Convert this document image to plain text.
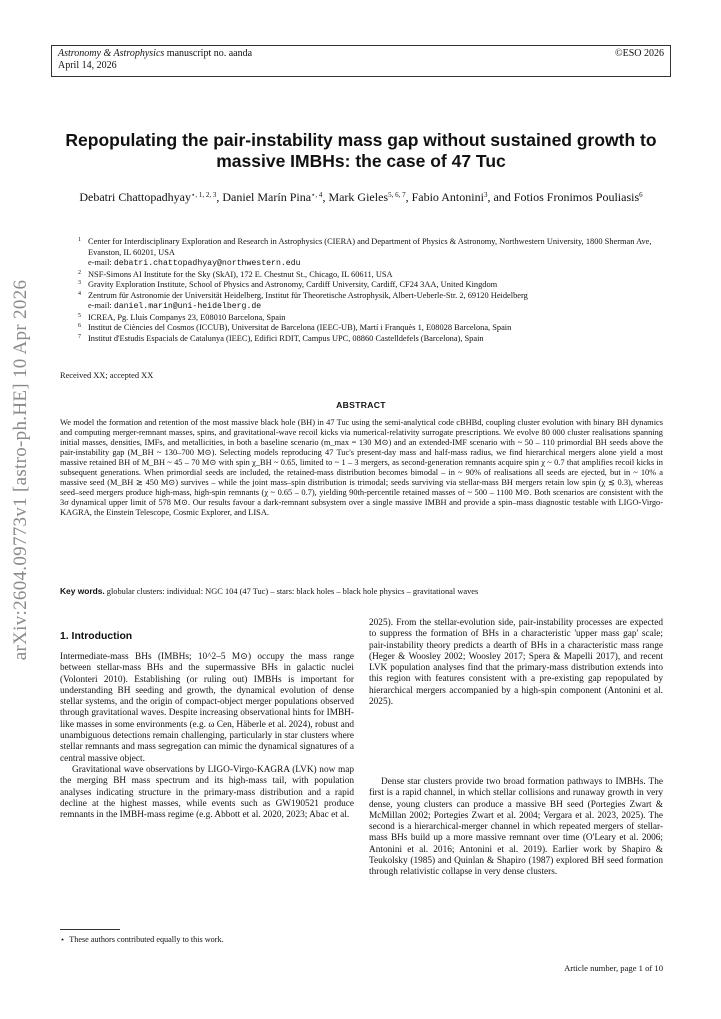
arXiv:2604.09773v1 [astro-ph.HE] 10 Apr 2026
Astronomy & Astrophysics manuscript no. aanda
April 14, 2026
©ESO 2026
Repopulating the pair-instability mass gap without sustained growth to massive IMBHs: the case of 47 Tuc
Debatri Chattopadhyay$^{⋆, 1, 2, 3}$, Daniel Marín Pina$^{⋆, 4}$, Mark Gieles$^{5, 6, 7}$, Fabio Antonini$^3$, and Fotios Fronimos Pouliasis$^6$
1 Center for Interdisciplinary Exploration and Research in Astrophysics (CIERA) and Department of Physics & Astronomy, Northwestern University, 1800 Sherman Ave, Evanston, IL 60201, USA
e-mail: debatri.chattopadhyay@northwestern.edu
2 NSF-Simons AI Institute for the Sky (SkAI), 172 E. Chestnut St., Chicago, IL 60611, USA
3 Gravity Exploration Institute, School of Physics and Astronomy, Cardiff University, Cardiff, CF24 3AA, United Kingdom
4 Zentrum für Astronomie der Universität Heidelberg, Institut für Theoretische Astrophysik, Albert-Ueberle-Str. 2, 69120 Heidelberg
e-mail: daniel.marin@uni-heidelberg.de
5 ICREA, Pg. Lluís Companys 23, E08010 Barcelona, Spain
6 Institut de Ciències del Cosmos (ICCUB), Universitat de Barcelona (IEEC-UB), Martí i Franquès 1, E08028 Barcelona, Spain
7 Institut d'Estudis Espacials de Catalunya (IEEC), Edifici RDIT, Campus UPC, 08860 Castelldefels (Barcelona), Spain
Received XX; accepted XX
ABSTRACT
We model the formation and retention of the most massive black hole (BH) in 47 Tuc using the semi-analytical code cBHBd, coupling cluster evolution with binary BH dynamics and computing merger-remnant masses, spins, and gravitational-wave recoil kicks via numerical-relativity surrogate prescriptions. We evolve 80 000 cluster realisations spanning initial masses, densities, IMFs, and metallicities, in both a baseline scenario (m_max = 130 M⊙) and an extended-IMF scenario with ~ 50 – 110 primordial BH seeds above the pair-instability gap (M_BH ~ 130–700 M⊙). Selecting models reproducing 47 Tuc's present-day mass and half-mass radius, we find hierarchical mergers alone yield a most massive retained BH of M_BH ~ 45 – 70 M⊙ with spin χ_BH ~ 0.65, limited to ~ 1 – 3 mergers, as second-generation remnants acquire spin χ ~ 0.7 that amplifies recoil kicks in subsequent generations. When primordial seeds are included, the retained-mass distribution becomes bimodal – in ~ 90% of realisations all seeds are ejected, but in ~ 10% a massive seed (M_BH ≳ 450 M⊙) survives – while the joint mass–spin distribution is trimodal; seeds surviving via stellar-mass BH mergers retain low spin (χ ≲ 0.3), whereas seed–seed mergers produce high-mass, high-spin remnants (χ ~ 0.65 – 0.7), yielding 90th-percentile retained masses of ~ 500 – 1100 M⊙. Both scenarios are consistent with the 3σ dynamical upper limit of 578 M⊙. Our results favour a dark-remnant subsystem over a single massive IMBH and provide a spin–mass diagnostic testable with LIGO-Virgo-KAGRA, the Einstein Telescope, Cosmic Explorer, and LISA.
Key words. globular clusters: individual: NGC 104 (47 Tuc) – stars: black holes – black hole physics – gravitational waves
1. Introduction

Intermediate-mass BHs (IMBHs; 10^2–5 M⊙) occupy the mass range between stellar-mass BHs and the supermassive BHs in galactic nuclei (Volonteri 2010). Establishing (or ruling out) IMBHs is important for understanding BH seeding and growth, the dynamical evolution of dense stellar systems, and the origin of compact-object merger populations observed through gravitational waves. Despite increasing observational hints for IMBH-like masses in some environments (e.g. ω Cen, Häberle et al. 2024), robust and unambiguous detections remain challenging, particularly in star clusters where stellar remnants and mass segregation can mimic the dynamical signatures of a central massive object.

Gravitational wave observations by LIGO-Virgo-KAGRA (LVK) now map the merging BH mass spectrum and its high-mass tail, with population analyses indicating structure in the primary-mass distribution and a rapid decline at the highest masses, while events such as GW190521 produce remnants in the IMBH-mass regime (e.g. Abbott et al. 2020, 2023; Abac et al.

2025). From the stellar-evolution side, pair-instability processes are expected to suppress the formation of BHs in a characteristic 'upper mass gap' scale; pair-instability theory predicts a dearth of BHs in a characteristic mass range (Heger & Woosley 2002; Woosley 2017; Spera & Mapelli 2017), and recent LVK population analyses find that the primary-mass distribution extends into this region with features consistent with a pre-existing gap repopulated by hierarchical mergers accompanied by a high-spin component (Antonini et al. 2025).

Dense star clusters provide two broad formation pathways to IMBHs. The first is a rapid channel, in which stellar collisions and runaway growth in very dense, young clusters can produce a massive BH seed (Portegies Zwart & McMillan 2002; Portegies Zwart et al. 2004; Vergara et al. 2023, 2025). The second is a hierarchical-merger channel in which repeated mergers of stellar-mass BHs build up a more massive remnant over time (O'Leary et al. 2006; Antonini et al. 2016; Antonini et al. 2019). Earlier work by Shapiro & Teukolsky (1985) and Quinlan & Shapiro (1987) explored BH seed formation through relativistic collapse in very dense clusters.

⋆ These authors contributed equally to this work.
Article number, page 1 of 10
